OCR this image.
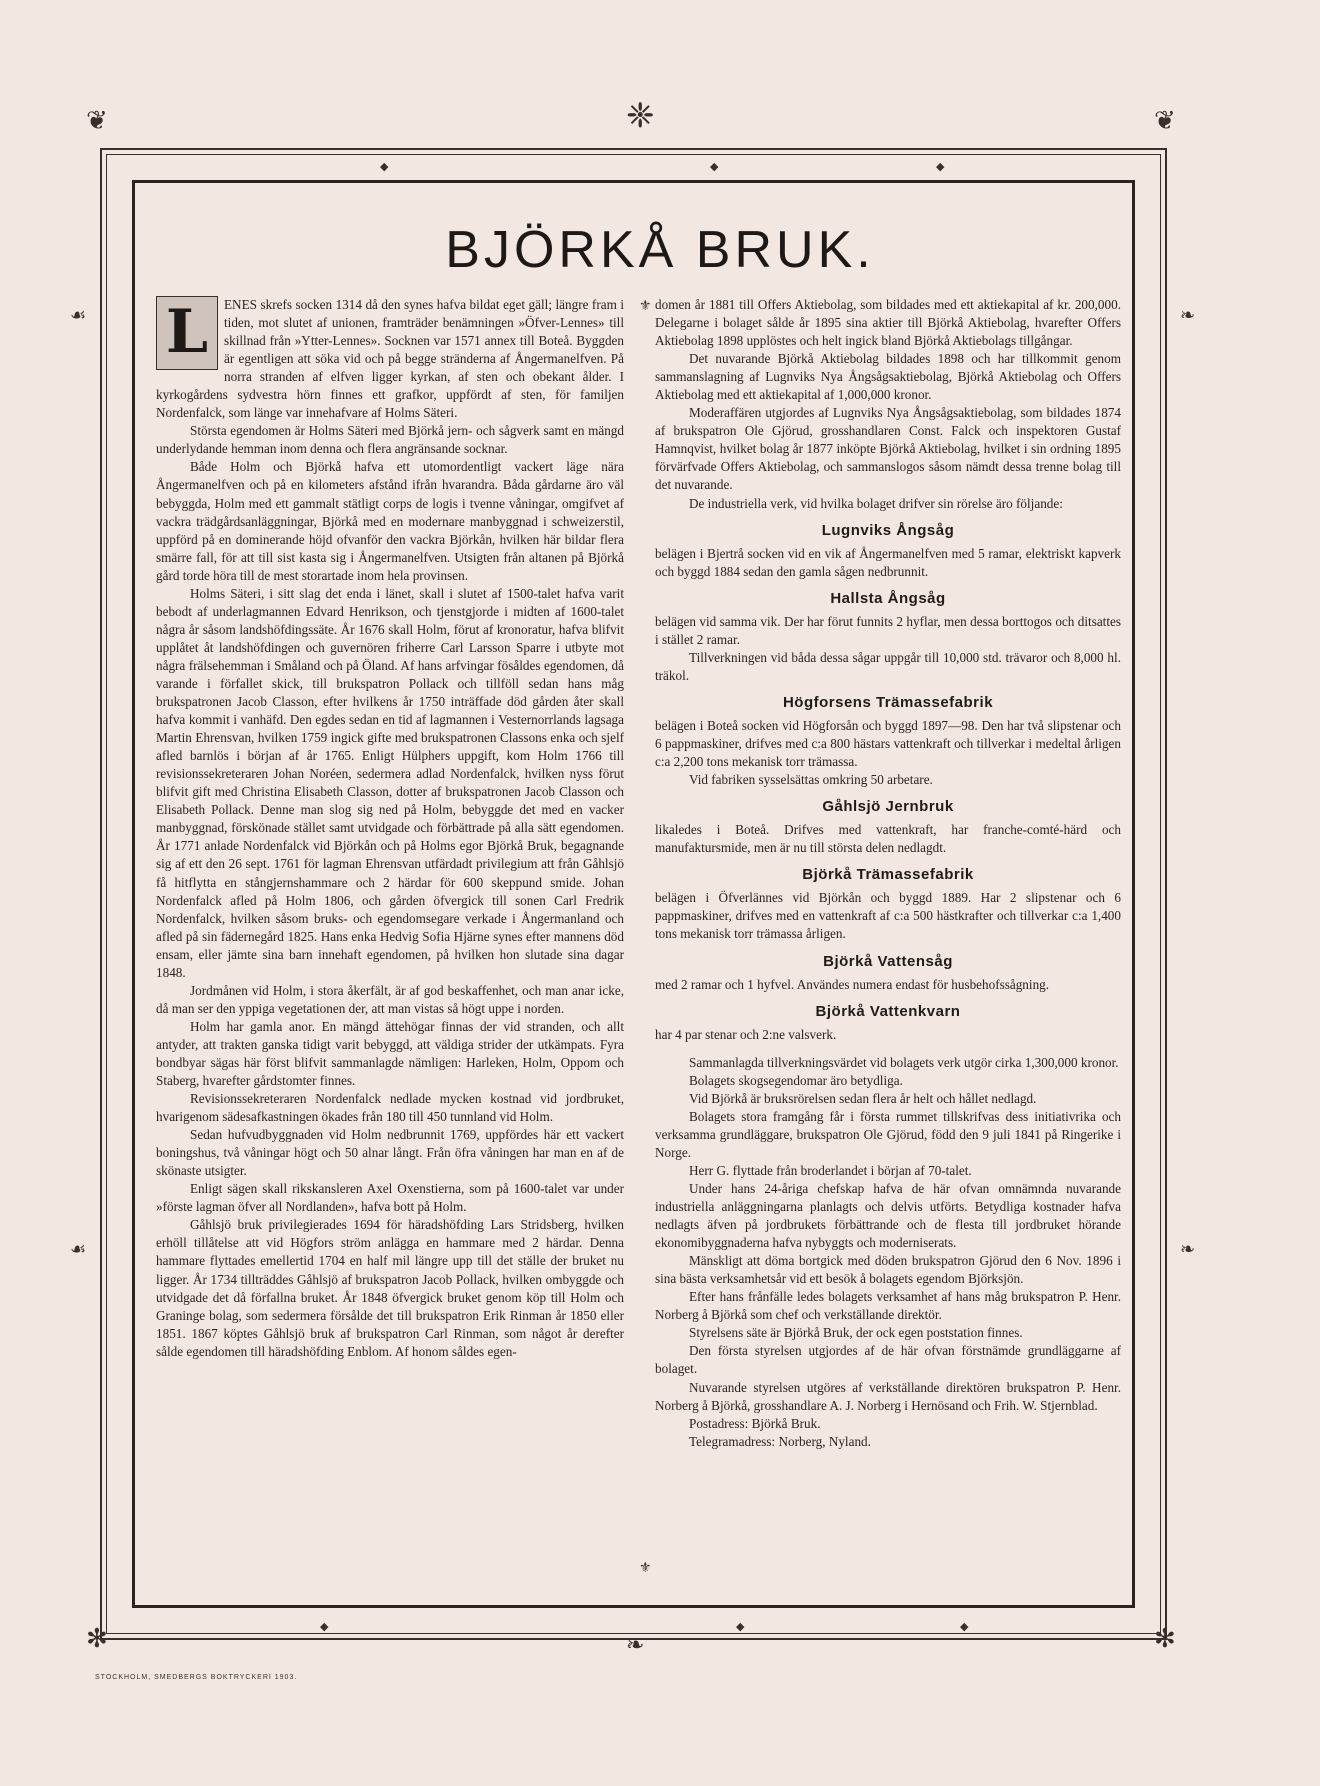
❦	❦
❈
✻	✻
❧
☙
☙
❧
❧
◆	◆	◆
◆	◆	◆
BJÖRKÅ BRUK.

L	ENES skrefs socken 1314 då den synes hafva bildat eget gäll; längre fram i tiden, mot slutet af unionen, framträder benämningen »Öfver-Lennes» till skillnad från »Ytter-Lennes». Socknen var 1571 annex till Boteå. Byggden är egentligen att söka vid och på begge stränderna af Ångermanelfven. På norra stranden af elfven ligger kyrkan, af sten och obekant ålder. I kyrkogårdens sydvestra hörn finnes ett grafkor, uppfördt af sten, för familjen Nordenfalck, som länge var innehafvare af Holms Säteri.

Största egendomen är Holms Säteri med Björkå jern- och sågverk samt en mängd underlydande hemman inom denna och flera angränsande socknar.

Både Holm och Björkå hafva ett utomordentligt vackert läge nära Ångermanelfven och på en kilometers afstånd ifrån hvarandra. Båda gårdarne äro väl bebyggda, Holm med ett gammalt stätligt corps de logis i tvenne våningar, omgifvet af vackra trädgårdsanläggningar, Björkå med en modernare manbyggnad i schweizerstil, uppförd på en dominerande höjd ofvanför den vackra Björkån, hvilken här bildar flera smärre fall, för att till sist kasta sig i Ångermanelfven. Utsigten från altanen på Björkå gård torde höra till de mest storartade inom hela provinsen.

Holms Säteri, i sitt slag det enda i länet, skall i slutet af 1500-talet hafva varit bebodt af underlagmannen Edvard Henrikson, och tjenstgjorde i midten af 1600-talet några år såsom landshöfdingssäte. År 1676 skall Holm, förut af kronoratur, hafva blifvit upplåtet åt landshöfdingen och guvernören friherre Carl Larsson Sparre i utbyte mot några frälsehemman i Småland och på Öland. Af hans arfvingar fösåldes egendomen, då varande i förfallet skick, till brukspatron Pollack och tillföll sedan hans måg brukspatronen Jacob Classon, efter hvilkens år 1750 inträffade död gården åter skall hafva kommit i vanhäfd. Den egdes sedan en tid af lagmannen i Vesternorrlands lagsaga Martin Ehrensvan, hvilken 1759 ingick gifte med brukspatronen Classons enka och sjelf afled barnlös i början af år 1765. Enligt Hülphers uppgift, kom Holm 1766 till revisionssekreteraren Johan Noréen, sedermera adlad Nordenfalck, hvilken nyss förut blifvit gift med Christina Elisabeth Classon, dotter af brukspatronen Jacob Classon och Elisabeth Pollack. Denne man slog sig ned på Holm, bebyggde det med en vacker manbyggnad, förskönade stället samt utvidgade och förbättrade på alla sätt egendomen. År 1771 anlade Nordenfalck vid Björkån och på Holms egor Björkå Bruk, begagnande sig af ett den 26 sept. 1761 för lagman Ehrensvan utfärdadt privilegium att från Gåhlsjö få hitflytta en stångjernshammare och 2 härdar för 600 skeppund smide. Johan Nordenfalck afled på Holm 1806, och gården öfvergick till sonen Carl Fredrik Nordenfalck, hvilken såsom bruks- och egendomsegare verkade i Ångermanland och afled på sin fädernegård 1825. Hans enka Hedvig Sofia Hjärne synes efter mannens död ensam, eller jämte sina barn innehaft egendomen, på hvilken hon slutade sina dagar 1848.

Jordmånen vid Holm, i stora åkerfält, är af god beskaffenhet, och man anar icke, då man ser den yppiga vegetationen der, att man vistas så högt uppe i norden.

Holm har gamla anor. En mängd ättehögar finnas der vid stranden, och allt antyder, att trakten ganska tidigt varit bebyggd, att väldiga strider der utkämpats. Fyra bondbyar sägas här först blifvit sammanlagde nämligen: Harleken, Holm, Oppom och Staberg, hvarefter gårdstomter finnes.

Revisionssekreteraren Nordenfalck nedlade mycken kostnad vid jordbruket, hvarigenom sädesafkastningen ökades från 180 till 450 tunnland vid Holm.

Sedan hufvudbyggnaden vid Holm nedbrunnit 1769, uppfördes här ett vackert boningshus, två våningar högt och 50 alnar långt. Från öfra våningen har man en af de skönaste utsigter.

Enligt sägen skall rikskansleren Axel Oxenstierna, som på 1600-talet var under »förste lagman öfver all Nordlanden», hafva bott på Holm.

Gåhlsjö bruk privilegierades 1694 för häradshöfding Lars Stridsberg, hvilken erhöll tillåtelse att vid Högfors ström anlägga en hammare med 2 härdar. Denna hammare flyttades emellertid 1704 en half mil längre upp till det ställe der bruket nu ligger. År 1734 tillträddes Gåhlsjö af brukspatron Jacob Pollack, hvilken ombyggde och utvidgade det då förfallna bruket. År 1848 öfvergick bruket genom köp till Holm och Graninge bolag, som sedermera försålde det till brukspatron Erik Rinman år 1850 eller 1851. 1867 köptes Gåhlsjö bruk af brukspatron Carl Rinman, som något år derefter sålde egendomen till häradshöfding Enblom. Af honom såldes egen-

⚜
⚜

domen år 1881 till Offers Aktiebolag, som bildades med ett aktiekapital af kr. 200,000. Delegarne i bolaget sålde år 1895 sina aktier till Björkå Aktiebolag, hvarefter Offers Aktiebolag 1898 upplöstes och helt ingick bland Björkå Aktiebolags tillgångar.

Det nuvarande Björkå Aktiebolag bildades 1898 och har tillkommit genom sammanslagning af Lugnviks Nya Ångsågsaktiebolag, Björkå Aktiebolag och Offers Aktiebolag med ett aktiekapital af 1,000,000 kronor.

Moderaffären utgjordes af Lugnviks Nya Ångsågsaktiebolag, som bildades 1874 af brukspatron Ole Gjörud, grosshandlaren Const. Falck och inspektoren Gustaf Hamnqvist, hvilket bolag år 1877 inköpte Björkå Aktiebolag, hvilket i sin ordning 1895 förvärfvade Offers Aktiebolag, och sammanslogos såsom nämdt dessa trenne bolag till det nuvarande.

De industriella verk, vid hvilka bolaget drifver sin rörelse äro följande:

Lugnviks Ångsåg

belägen i Bjertrå socken vid en vik af Ångermanelfven med 5 ramar, elektriskt kapverk och byggd 1884 sedan den gamla sågen nedbrunnit.

Hallsta Ångsåg

belägen vid samma vik. Der har förut funnits 2 hyflar, men dessa borttogos och ditsattes i stället 2 ramar.

Tillverkningen vid båda dessa sågar uppgår till 10,000 std. trävaror och 8,000 hl. träkol.

Högforsens Trämassefabrik

belägen i Boteå socken vid Högforsån och byggd 1897—98. Den har två slipstenar och 6 pappmaskiner, drifves med c:a 800 hästars vattenkraft och tillverkar i medeltal årligen c:a 2,200 tons mekanisk torr trämassa.

Vid fabriken sysselsättas omkring 50 arbetare.

Gåhlsjö Jernbruk

likaledes i Boteå. Drifves med vattenkraft, har franche-comté-härd och manufaktursmide, men är nu till största delen nedlagdt.

Björkå Trämassefabrik

belägen i Öfverlännes vid Björkån och byggd 1889. Har 2 slipstenar och 6 pappmaskiner, drifves med en vattenkraft af c:a 500 hästkrafter och tillverkar c:a 1,400 tons mekanisk torr trämassa årligen.

Björkå Vattensåg

med 2 ramar och 1 hyfvel. Användes numera endast för husbehofssågning.

Björkå Vattenkvarn

har 4 par stenar och 2:ne valsverk.

Sammanlagda tillverkningsvärdet vid bolagets verk utgör cirka 1,300,000 kronor.

Bolagets skogsegendomar äro betydliga.

Vid Björkå är bruksrörelsen sedan flera år helt och hållet nedlagd.

Bolagets stora framgång får i första rummet tillskrifvas dess initiativrika och verksamma grundläggare, brukspatron Ole Gjörud, född den 9 juli 1841 på Ringerike i Norge.

Herr G. flyttade från broderlandet i början af 70-talet.

Under hans 24-åriga chefskap hafva de här ofvan omnämnda nuvarande industriella anläggningarna planlagts och delvis utförts. Betydliga kostnader hafva nedlagts äfven på jordbrukets förbättrande och de flesta till jordbruket hörande ekonomibyggnaderna hafva nybyggts och moderniserats.

Mänskligt att döma bortgick med döden brukspatron Gjörud den 6 Nov. 1896 i sina bästa verksamhetsår vid ett besök å bolagets egendom Björksjön.

Efter hans frånfälle ledes bolagets verksamhet af hans måg brukspatron P. Henr. Norberg å Björkå som chef och verkställande direktör.

Styrelsens säte är Björkå Bruk, der ock egen poststation finnes.

Den första styrelsen utgjordes af de här ofvan förstnämde grundläggarne af bolaget.

Nuvarande styrelsen utgöres af verkställande direktören brukspatron P. Henr. Norberg å Björkå, grosshandlare A. J. Norberg i Hernösand och Frih. W. Stjernblad.

Postadress: Björkå Bruk.

Telegramadress: Norberg, Nyland.

STOCKHOLM, SMEDBERGS BOKTRYCKERI 1903.
